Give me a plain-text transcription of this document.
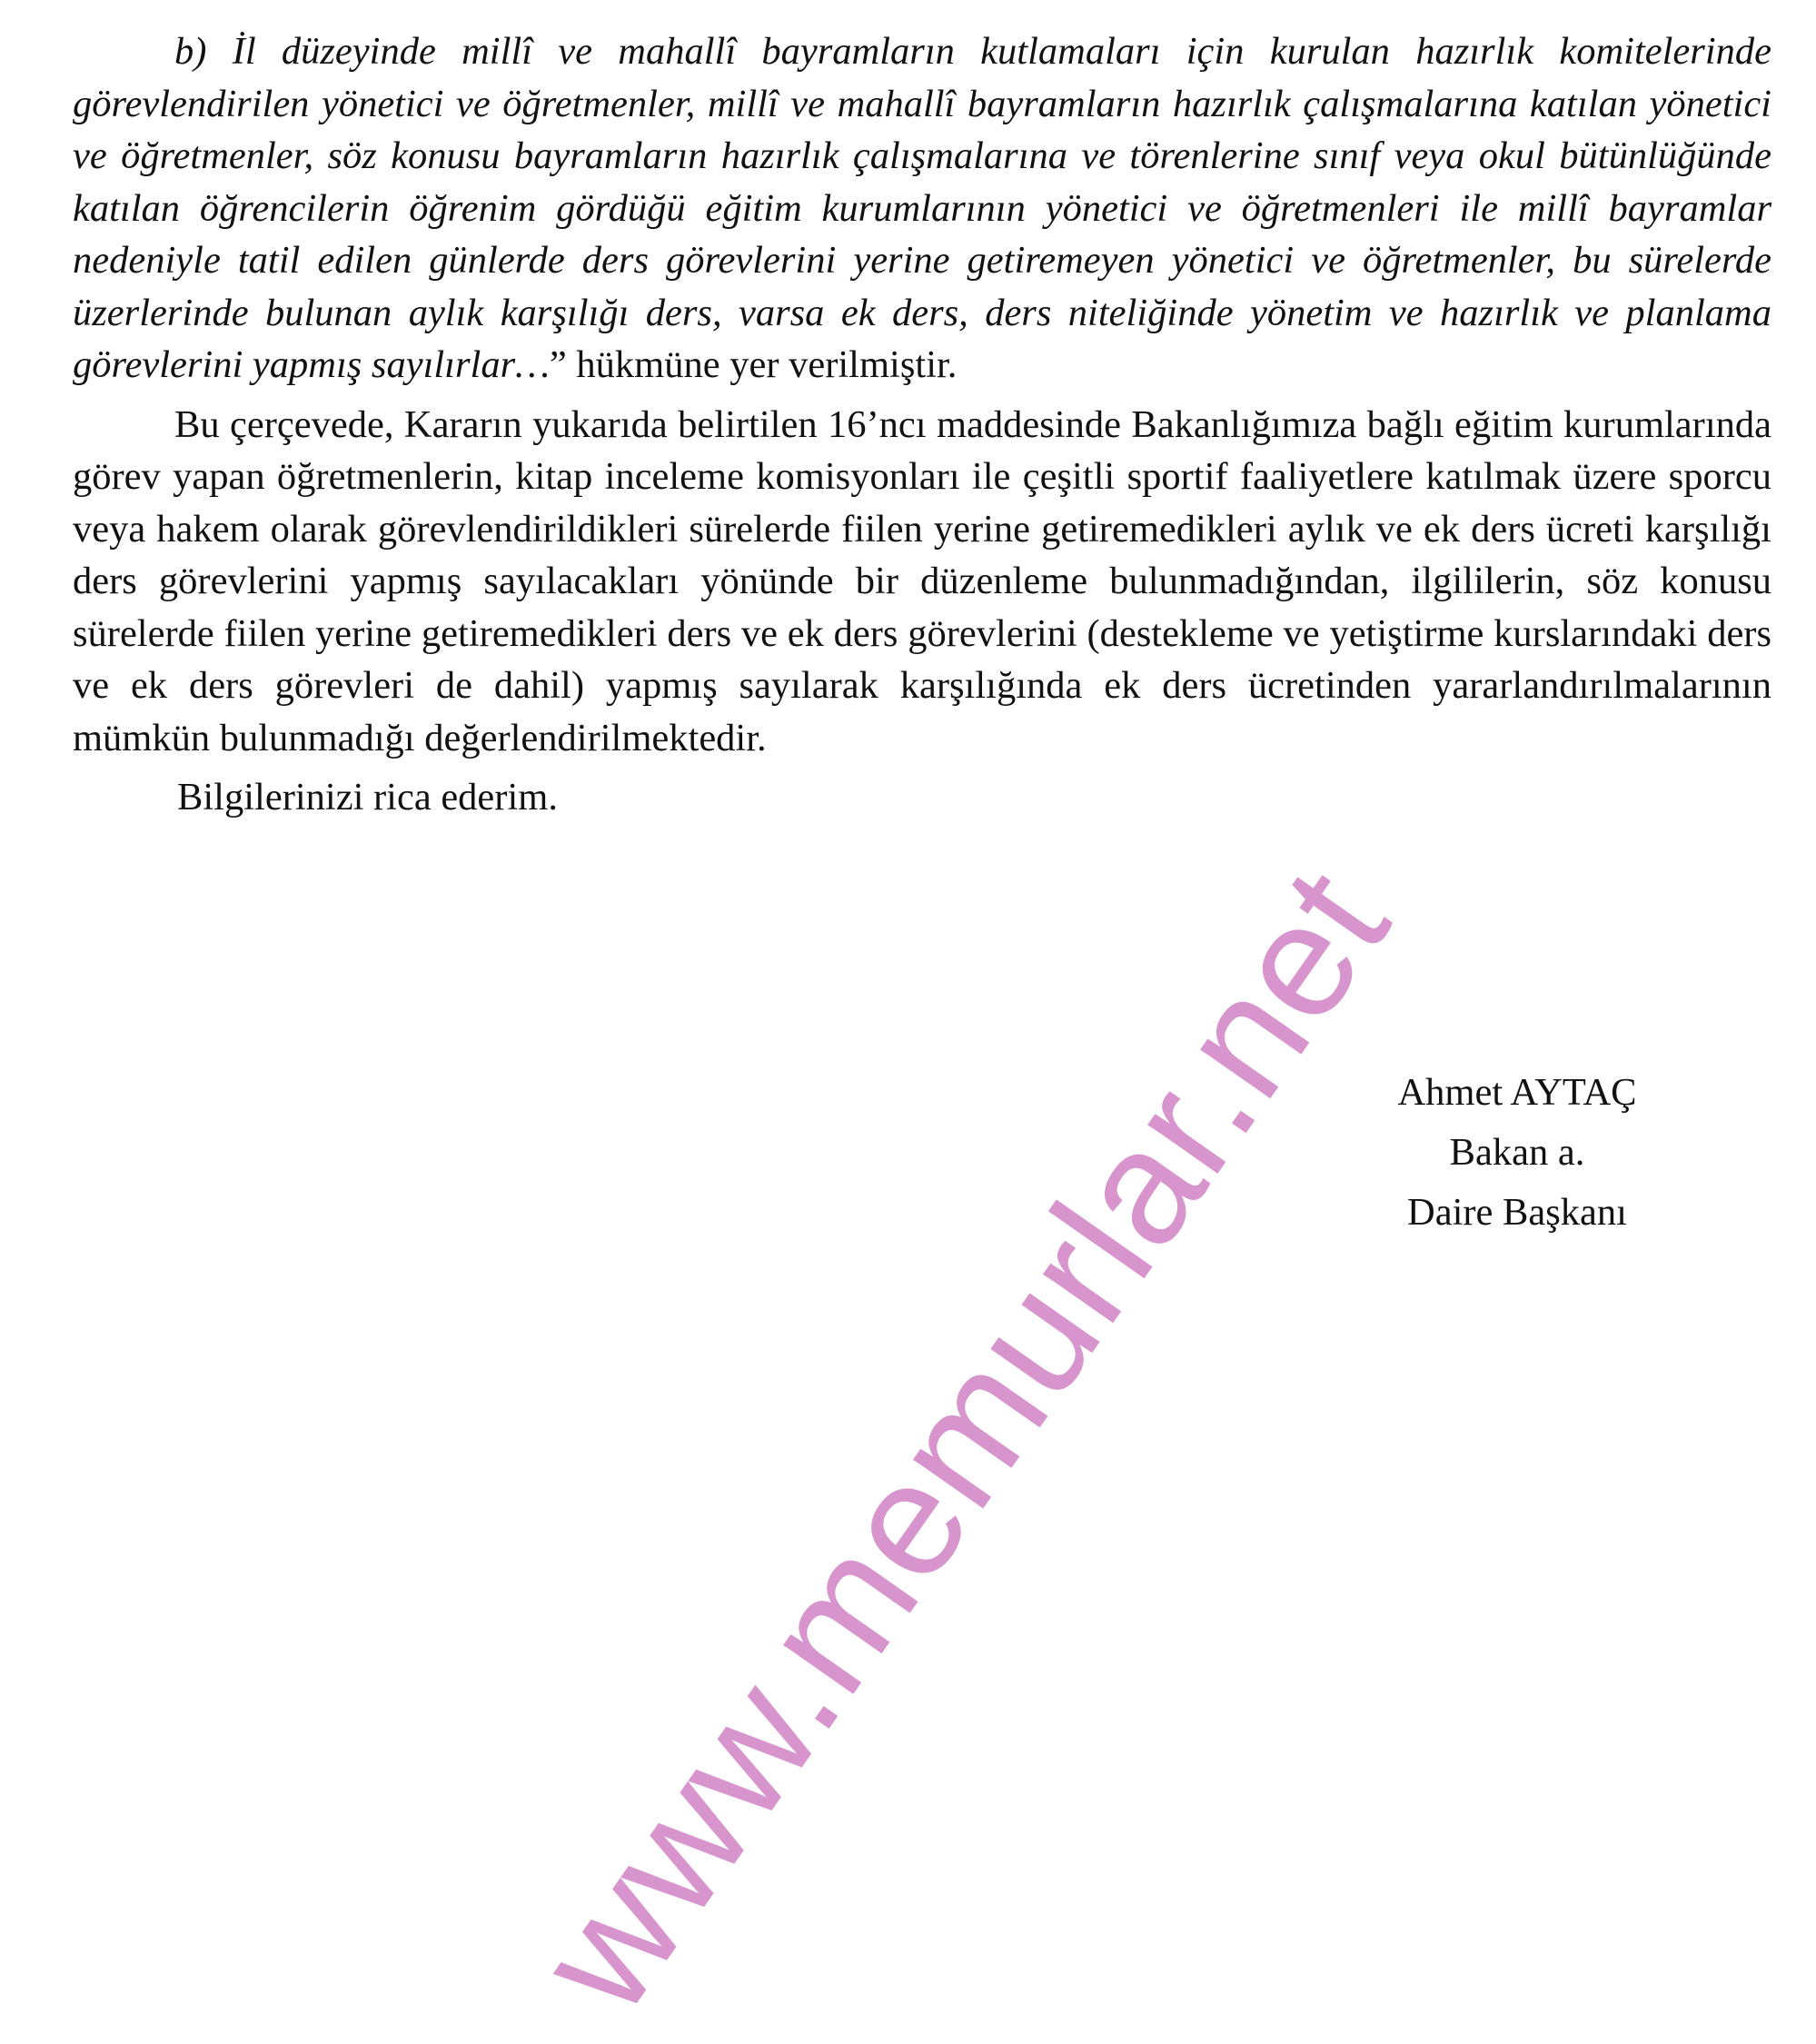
b) İl düzeyinde millî ve mahallî bayramların kutlamaları için kurulan hazırlık komitelerinde görevlendirilen yönetici ve öğretmenler, millî ve mahallî bayramların hazırlık çalışmalarına katılan yönetici ve öğretmenler, söz konusu bayramların hazırlık çalışmalarına ve törenlerine sınıf veya okul bütünlüğünde katılan öğrencilerin öğrenim gördüğü eğitim kurumlarının yönetici ve öğretmenleri ile millî bayramlar nedeniyle tatil edilen günlerde ders görevlerini yerine getiremeyen yönetici ve öğretmenler, bu sürelerde üzerlerinde bulunan aylık karşılığı ders, varsa ek ders, ders niteliğinde yönetim ve hazırlık ve planlama görevlerini yapmış sayılırlar…” hükmüne yer verilmiştir.

Bu çerçevede, Kararın yukarıda belirtilen 16’ncı maddesinde Bakanlığımıza bağlı eğitim kurumlarında görev yapan öğretmenlerin, kitap inceleme komisyonları ile çeşitli sportif faaliyetlere katılmak üzere sporcu veya hakem olarak görevlendirildikleri sürelerde fiilen yerine getiremedikleri aylık ve ek ders ücreti karşılığı ders görevlerini yapmış sayılacakları yönünde bir düzenleme bulunmadığından, ilgililerin, söz konusu sürelerde fiilen yerine getiremedikleri ders ve ek ders görevlerini (destekleme ve yetiştirme kurslarındaki ders ve ek ders görevleri de dahil) yapmış sayılarak karşılığında ek ders ücretinden yararlandırılmalarının mümkün bulunmadığı değerlendirilmektedir.

Bilgilerinizi rica ederim.

Ahmet AYTAÇ
Bakan a.
Daire Başkanı
www.memurlar.net
